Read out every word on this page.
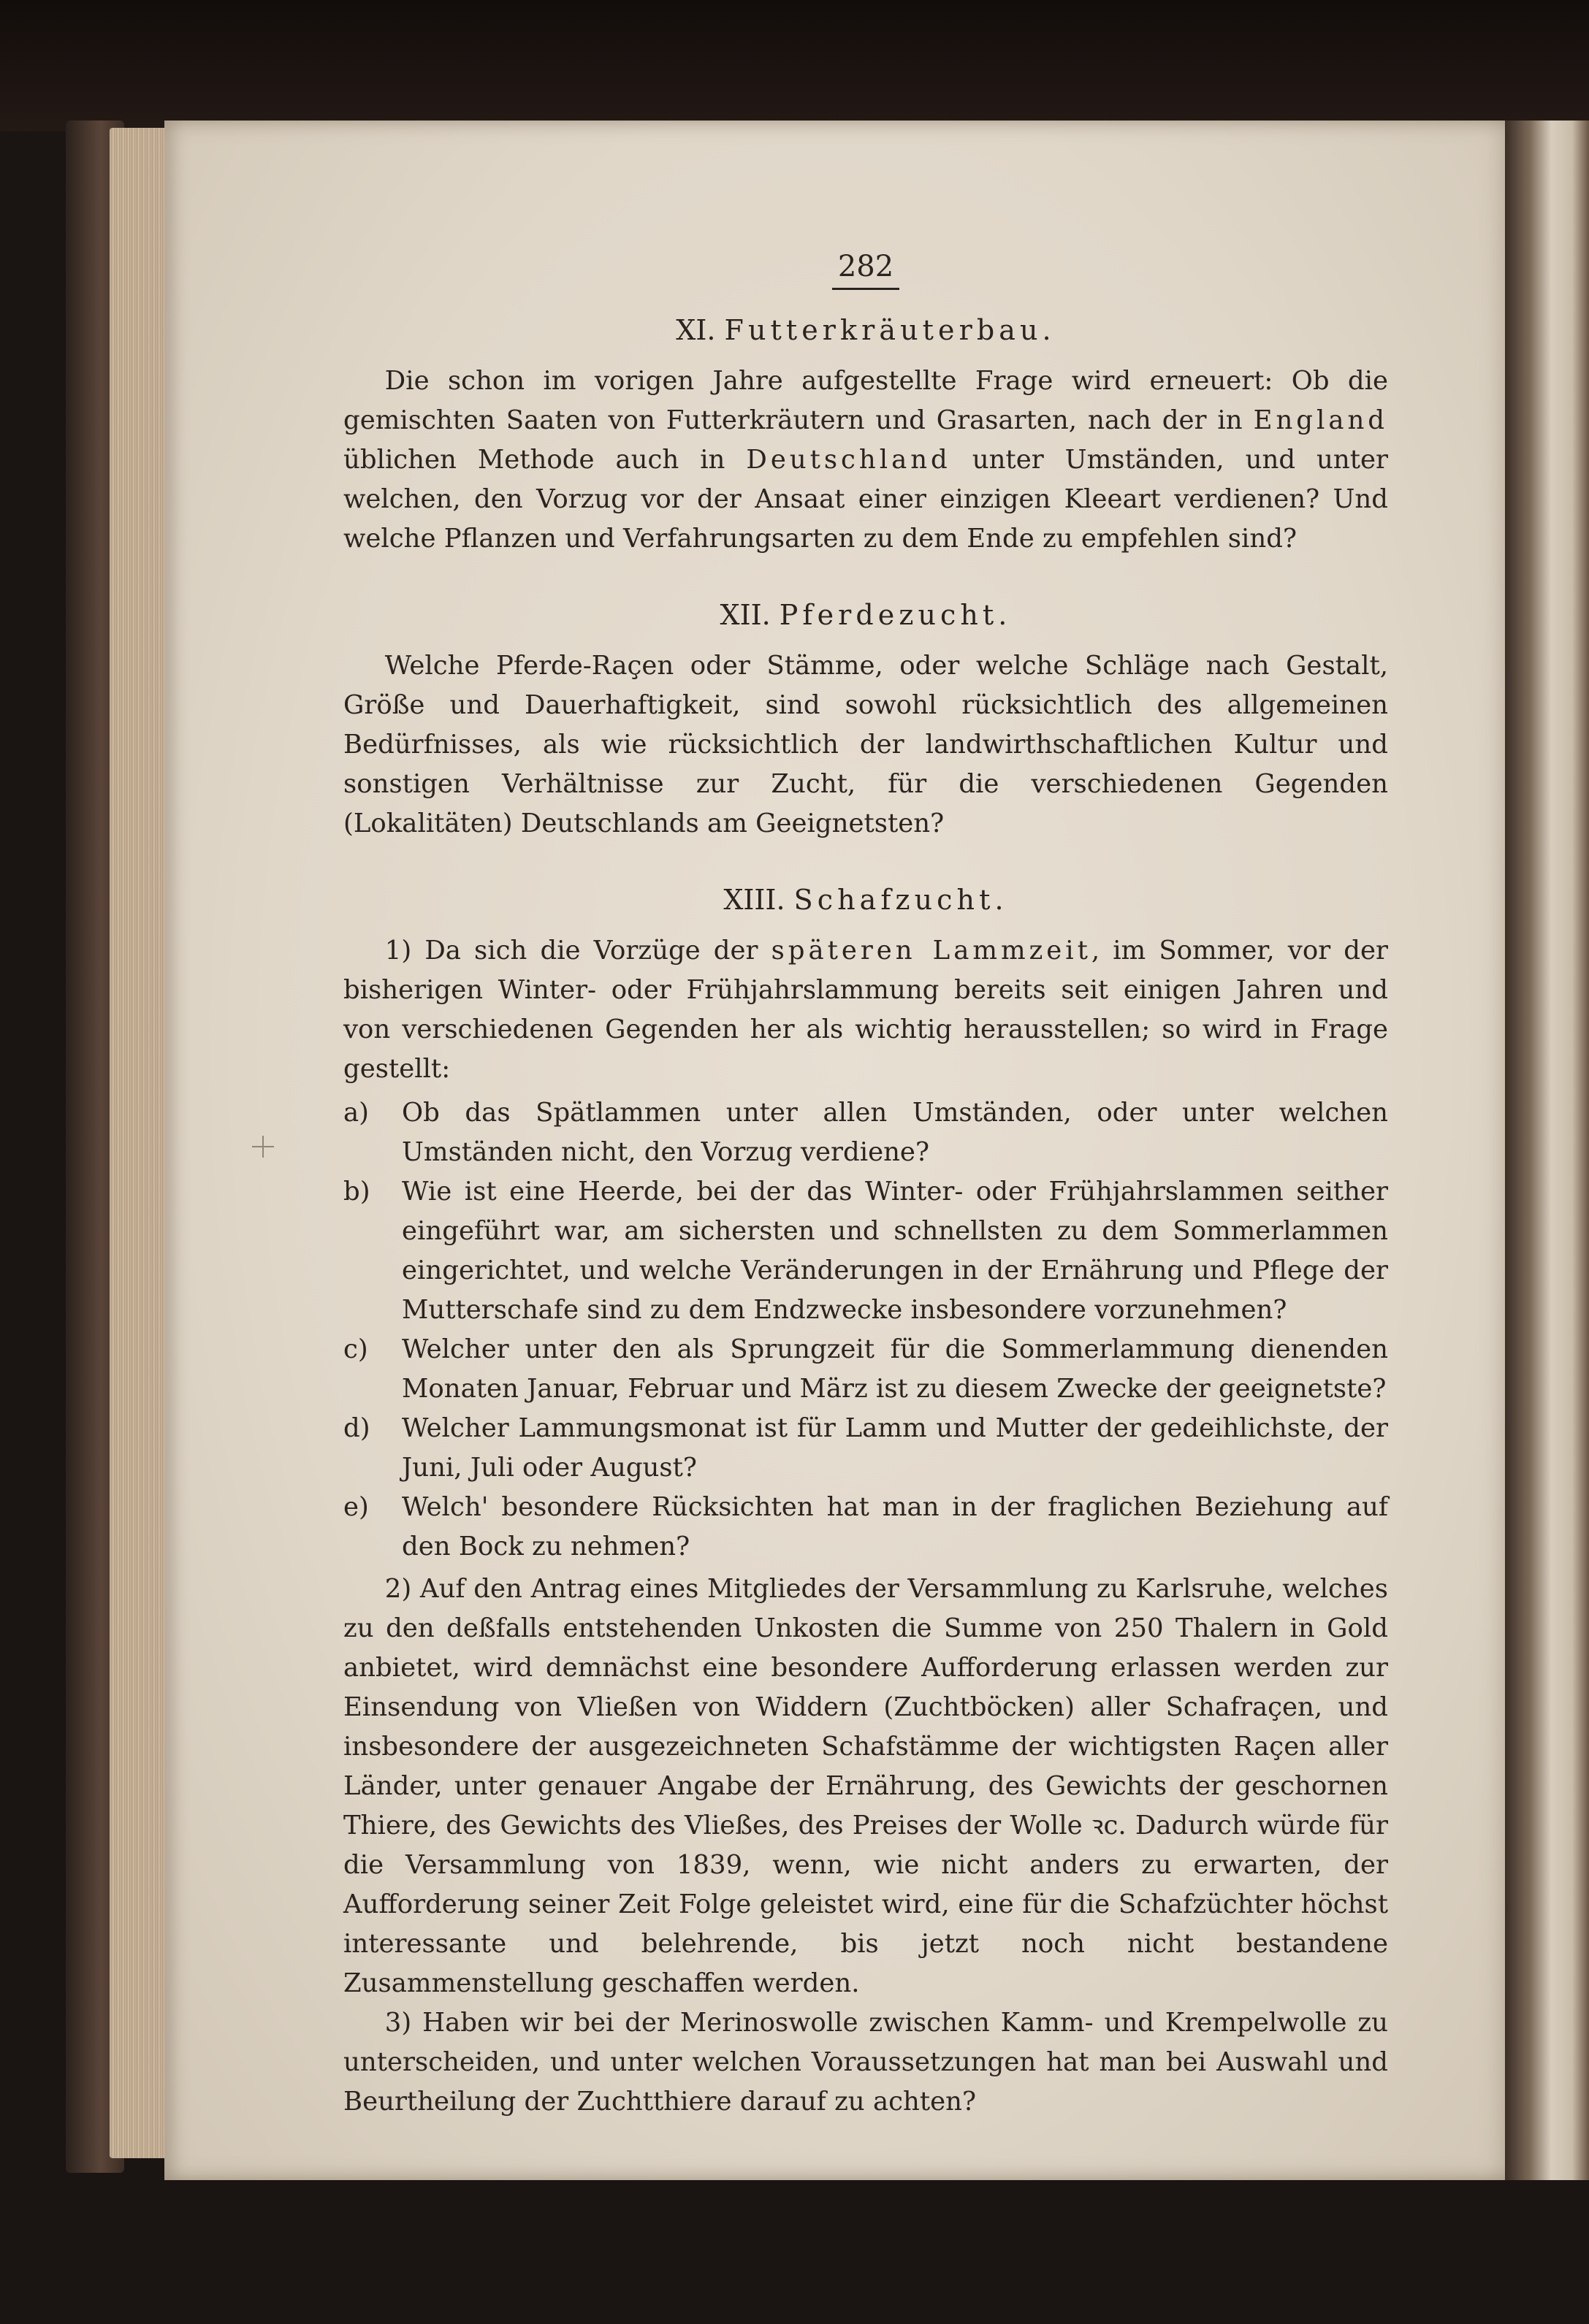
282
XI. Futterkräuterbau.

Die schon im vorigen Jahre aufgestellte Frage wird erneuert: Ob die gemischten Saaten von Futterkräutern und Grasarten, nach der in England üblichen Methode auch in Deutschland unter Umständen, und unter welchen, den Vorzug vor der Ansaat einer einzigen Kleeart verdienen? Und welche Pflanzen und Verfahrungsarten zu dem Ende zu empfehlen sind?

XII. Pferdezucht.

Welche Pferde-Raçen oder Stämme, oder welche Schläge nach Gestalt, Größe und Dauerhaftigkeit, sind sowohl rücksichtlich des allgemeinen Bedürfnisses, als wie rücksichtlich der landwirthschaftlichen Kultur und sonstigen Verhältnisse zur Zucht, für die verschiedenen Gegenden (Lokalitäten) Deutschlands am Geeignetsten?

XIII. Schafzucht.

1) Da sich die Vorzüge der späteren Lammzeit, im Sommer, vor der bisherigen Winter- oder Frühjahrslammung bereits seit einigen Jahren und von verschiedenen Gegenden her als wichtig herausstellen; so wird in Frage gestellt:

a) Ob das Spätlammen unter allen Umständen, oder unter welchen Umständen nicht, den Vorzug verdiene?
b) Wie ist eine Heerde, bei der das Winter- oder Frühjahrslammen seither eingeführt war, am sichersten und schnellsten zu dem Sommerlammen eingerichtet, und welche Veränderungen in der Ernährung und Pflege der Mutterschafe sind zu dem Endzwecke insbesondere vorzunehmen?
c) Welcher unter den als Sprungzeit für die Sommerlammung dienenden Monaten Januar, Februar und März ist zu diesem Zwecke der geeignetste?
d) Welcher Lammungsmonat ist für Lamm und Mutter der gedeihlichste, der Juni, Juli oder August?
e) Welch' besondere Rücksichten hat man in der fraglichen Beziehung auf den Bock zu nehmen?

2) Auf den Antrag eines Mitgliedes der Versammlung zu Karlsruhe, welches zu den deßfalls entstehenden Unkosten die Summe von 250 Thalern in Gold anbietet, wird demnächst eine besondere Aufforderung erlassen werden zur Einsendung von Vließen von Widdern (Zuchtböcken) aller Schafraçen, und insbesondere der ausgezeichneten Schafstämme der wichtigsten Raçen aller Länder, unter genauer Angabe der Ernährung, des Gewichts der geschornen Thiere, des Gewichts des Vließes, des Preises der Wolle ꝛc. Dadurch würde für die Versammlung von 1839, wenn, wie nicht anders zu erwarten, der Aufforderung seiner Zeit Folge geleistet wird, eine für die Schafzüchter höchst interessante und belehrende, bis jetzt noch nicht bestandene Zusammenstellung geschaffen werden.

3) Haben wir bei der Merinoswolle zwischen Kamm- und Krempelwolle zu unterscheiden, und unter welchen Voraussetzungen hat man bei Auswahl und Beurtheilung der Zuchtthiere darauf zu achten?
